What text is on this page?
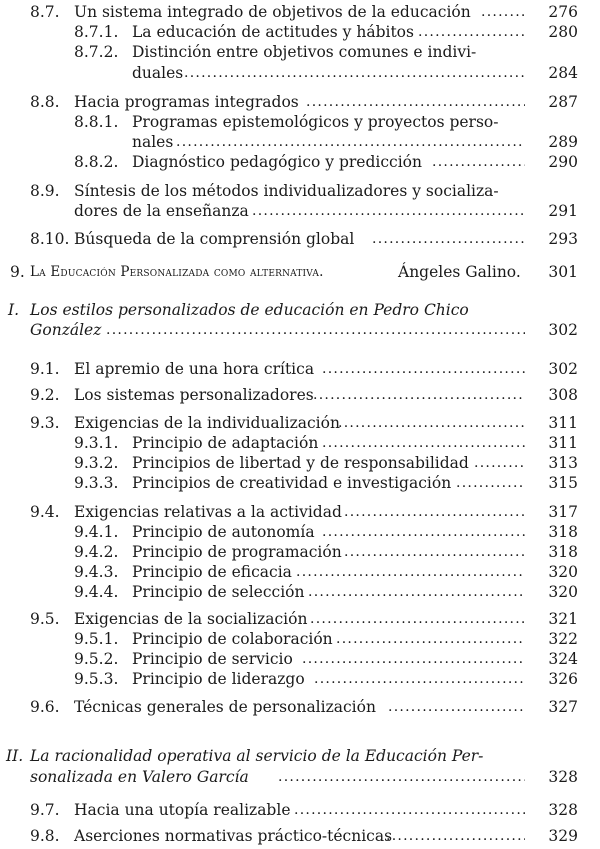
8.7. Un sistema integrado de objetivos de la educación . . .	276
8.7.1. La educación de actitudes y hábitos . . .	280
8.7.2. Distinción entre objetivos comunes e indivi-
duales . . .	284
8.8. Hacia programas integrados . . .	287
8.8.1. Programas epistemológicos y proyectos perso-
nales . . .	289
8.8.2. Diagnóstico pedagógico y predicción . . .	290
8.9. Síntesis de los métodos individualizadores y socializa-
dores de la enseñanza . . .	291
8.10. Búsqueda de la comprensión global . . .	293
9. La Educación Personalizada como alternativa.	Ángeles Galino. 301
I. Los estilos personalizados de educación en Pedro Chico
González . . .	302
9.1. El apremio de una hora crítica . . .	302
9.2. Los sistemas personalizadores . . .	308
9.3. Exigencias de la individualización . . .	311
9.3.1. Principio de adaptación . . .	311
9.3.2. Principios de libertad y de responsabilidad . . .	313
9.3.3. Principios de creatividad e investigación . . .	315
9.4. Exigencias relativas a la actividad . . .	317
9.4.1. Principio de autonomía . . .	318
9.4.2. Principio de programación . . .	318
9.4.3. Principio de eficacia . . .	320
9.4.4. Principio de selección . . .	320
9.5. Exigencias de la socialización . . .	321
9.5.1. Principio de colaboración . . .	322
9.5.2. Principio de servicio . . .	324
9.5.3. Principio de liderazgo . . .	326
9.6. Técnicas generales de personalización . . .	327
II. La racionalidad operativa al servicio de la Educación Per-
sonalizada en Valero García . . .	328
9.7. Hacia una utopía realizable . . .	328
9.8. Aserciones normativas práctico-técnicas . . .	329
